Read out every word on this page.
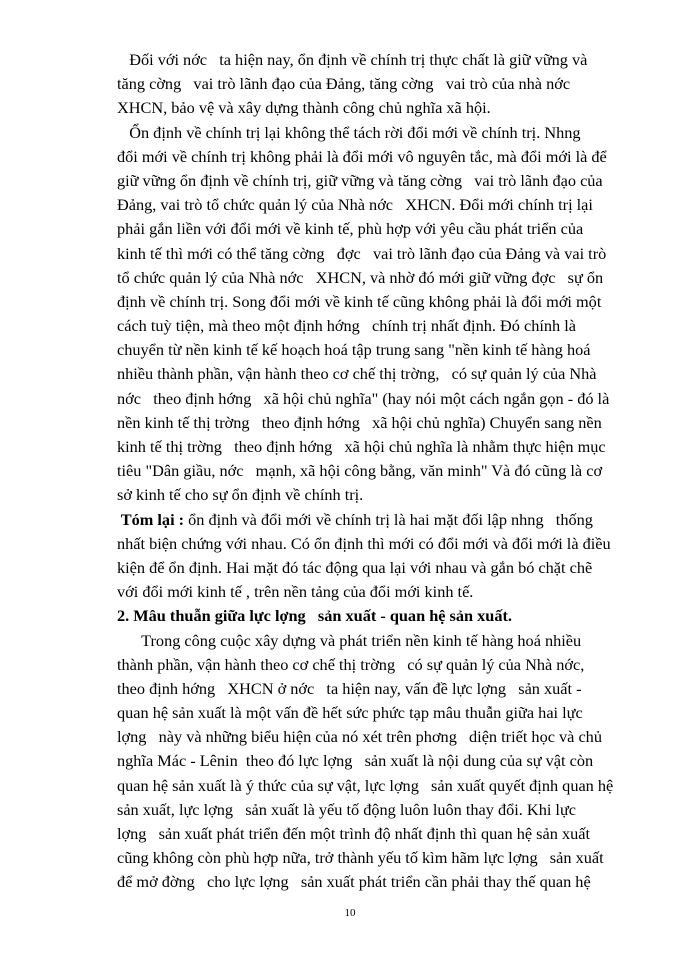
Đối với nớc   ta hiện nay, ổn định về chính trị thực chất là giữ vững và
tăng cờng   vai trò lãnh đạo của Đảng, tăng cờng   vai trò của nhà nớc
XHCN, bảo vệ và xây dựng thành công chủ nghĩa xã hội.
Ổn định về chính trị lại không thể tách rời đổi mới về chính trị. Nhng
đổi mới về chính trị không phải là đổi mới vô nguyên tắc, mà đổi mới là để
giữ vững ổn định về chính trị, giữ vững và tăng cờng   vai trò lãnh đạo của
Đảng, vai trò tổ chức quản lý của Nhà nớc   XHCN. Đổi mới chính trị lại
phải gắn liền với đổi mới về kinh tế, phù hợp với yêu cầu phát triển của
kinh tế thì mới có thể tăng cờng   đợc   vai trò lãnh đạo của Đảng và vai trò
tổ chức quản lý của Nhà nớc   XHCN, và nhờ đó mới giữ vững đợc   sự ổn
định về chính trị. Song đổi mới về kinh tế cũng không phải là đổi mới một
cách tuỳ tiện, mà theo một định hớng   chính trị nhất định. Đó chính là
chuyển từ nền kinh tế kế hoạch hoá tập trung sang "nền kinh tế hàng hoá
nhiều thành phần, vận hành theo cơ chế thị trờng,   có sự quản lý của Nhà
nớc   theo định hớng   xã hội chủ nghĩa" (hay nói một cách ngắn gọn - đó là
nền kinh tế thị trờng   theo định hớng   xã hội chủ nghĩa) Chuyển sang nền
kinh tế thị trờng   theo định hớng   xã hội chủ nghĩa là nhằm thực hiện mục
tiêu "Dân giầu, nớc   mạnh, xã hội công bằng, văn minh" Và đó cũng là cơ
sở kinh tế cho sự ổn định về chính trị.
Tóm lại : ổn định và đổi mới về chính trị là hai mặt đối lập nhng   thống
nhất biện chứng với nhau. Có ổn định thì mới có đổi mới và đổi mới là điều
kiện để ổn định. Hai mặt đó tác động qua lại với nhau và gắn bó chặt chẽ
với đổi mới kinh tế , trên nền tảng của đổi mới kinh tế.
2. Mâu thuẫn giữa lực lợng   sản xuất - quan hệ sản xuất.
Trong công cuộc xây dựng và phát triển nền kinh tế hàng hoá nhiều
thành phần, vận hành theo cơ chế thị trờng   có sự quản lý của Nhà nớc,
theo định hớng   XHCN ở nớc   ta hiện nay, vấn đề lực lợng   sản xuất -
quan hệ sản xuất là một vấn đề hết sức phức tạp mâu thuẫn giữa hai lực
lợng   này và những biểu hiện của nó xét trên phơng   diện triết học và chủ
nghĩa Mác - Lênin  theo đó lực lợng   sản xuất là nội dung của sự vật còn
quan hệ sản xuất là ý thức của sự vật, lực lợng   sản xuất quyết định quan hệ
sản xuất, lực lợng   sản xuất là yếu tố động luôn luôn thay đổi. Khi lực
lợng   sản xuất phát triển đến một trình độ nhất định thì quan hệ sản xuất
cũng không còn phù hợp nữa, trở thành yếu tố kìm hãm lực lợng   sản xuất
để mở đờng   cho lực lợng   sản xuất phát triển cần phải thay thế quan hệ
10
